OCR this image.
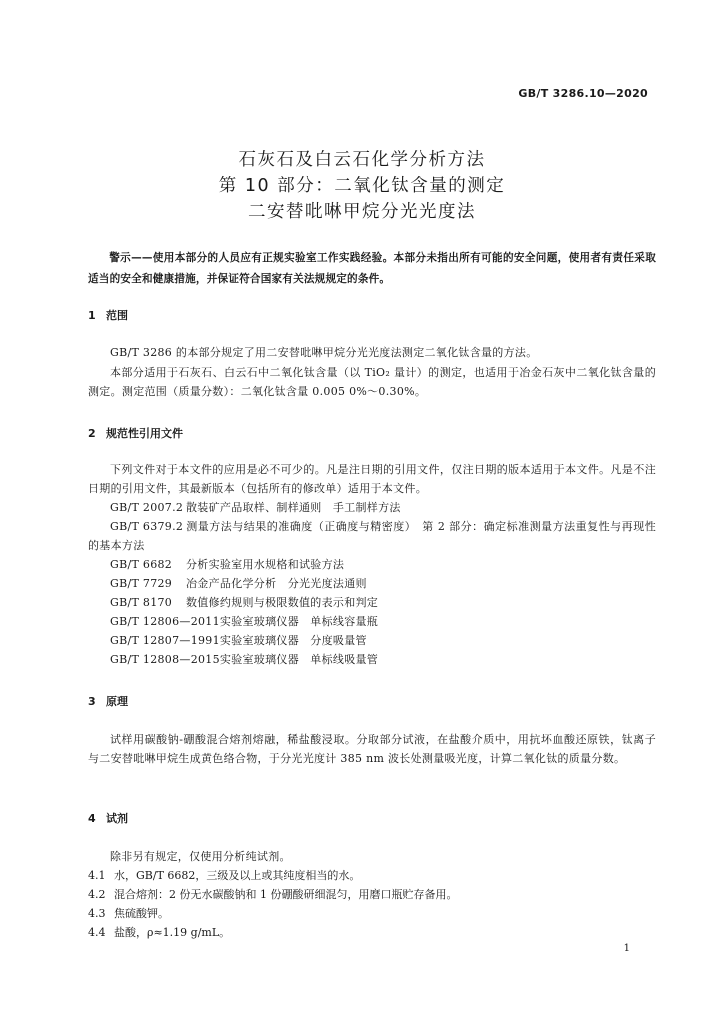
GB/T 3286.10—2020
石灰石及白云石化学分析方法
第 10 部分：二氧化钛含量的测定
二安替吡啉甲烷分光光度法
警示——使用本部分的人员应有正规实验室工作实践经验。本部分未指出所有可能的安全问题，使用者有责任采取适当的安全和健康措施，并保证符合国家有关法规规定的条件。
1 范围
GB/T 3286 的本部分规定了用二安替吡啉甲烷分光光度法测定二氧化钛含量的方法。
本部分适用于石灰石、白云石中二氧化钛含量（以 TiO₂ 量计）的测定，也适用于冶金石灰中二氧化钛含量的测定。测定范围（质量分数）：二氧化钛含量 0.005 0%～0.30%。
2 规范性引用文件
下列文件对于本文件的应用是必不可少的。凡是注日期的引用文件，仅注日期的版本适用于本文件。凡是不注日期的引用文件，其最新版本（包括所有的修改单）适用于本文件。
GB/T 2007.2 散装矿产品取样、制样通则　手工制样方法
GB/T 6379.2 测量方法与结果的准确度（正确度与精密度）　第 2 部分：确定标准测量方法重复性与再现性的基本方法
GB/T 6682 分析实验室用水规格和试验方法
GB/T 7729 冶金产品化学分析　分光光度法通则
GB/T 8170 数值修约规则与极限数值的表示和判定
GB/T 12806—2011实验室玻璃仪器　单标线容量瓶
GB/T 12807—1991实验室玻璃仪器　分度吸量管
GB/T 12808—2015实验室玻璃仪器　单标线吸量管
3 原理
试样用碳酸钠-硼酸混合熔剂熔融，稀盐酸浸取。分取部分试液，在盐酸介质中，用抗坏血酸还原铁，钛离子与二安替吡啉甲烷生成黄色络合物，于分光光度计 385 nm 波长处测量吸光度，计算二氧化钛的质量分数。
4 试剂
除非另有规定，仅使用分析纯试剂。
4.1 水，GB/T 6682，三级及以上或其纯度相当的水。
4.2 混合熔剂：2 份无水碳酸钠和 1 份硼酸研细混匀，用磨口瓶贮存备用。
4.3 焦硫酸钾。
4.4 盐酸，ρ≈1.19 g/mL。
1
